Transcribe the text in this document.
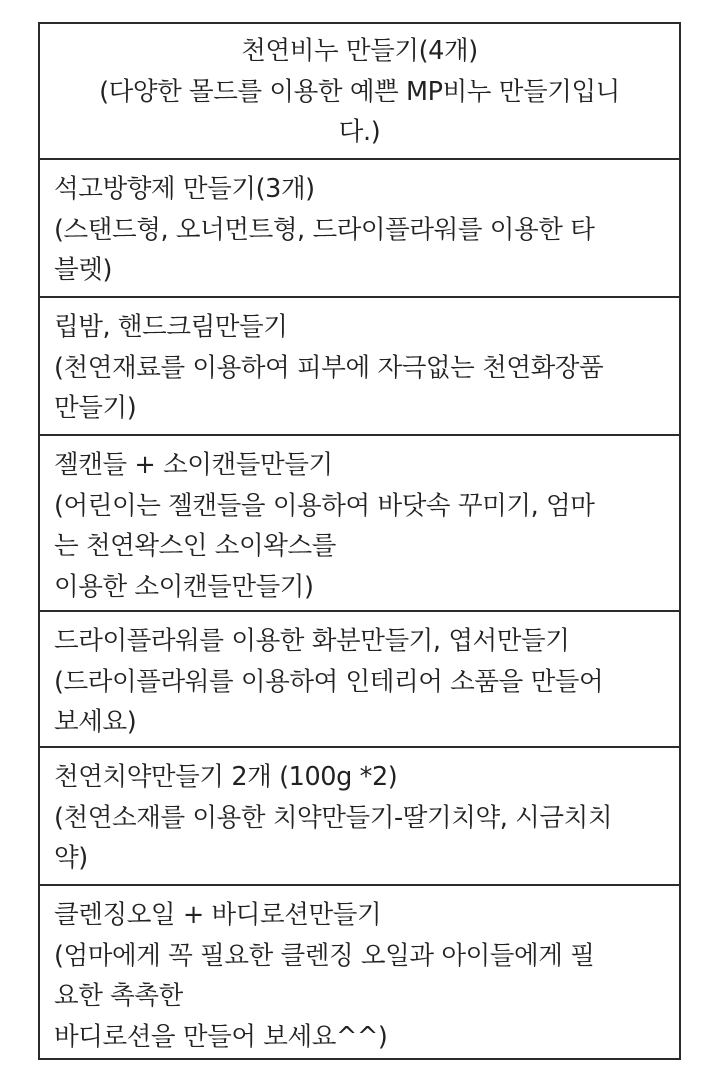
천연비누 만들기(4개)
(다양한 몰드를 이용한 예쁜 MP비누 만들기입니
다.)
석고방향제 만들기(3개)
(스탠드형, 오너먼트형, 드라이플라워를 이용한 타
블렛)
립밤, 핸드크림만들기
(천연재료를 이용하여 피부에 자극없는 천연화장품
만들기)
젤캔들 + 소이캔들만들기
(어린이는 젤캔들을 이용하여 바닷속 꾸미기, 엄마
는 천연왁스인 소이왁스를
이용한 소이캔들만들기)
드라이플라워를 이용한 화분만들기, 엽서만들기
(드라이플라워를 이용하여 인테리어 소품을 만들어
보세요)
천연치약만들기 2개 (100g *2)
(천연소재를 이용한 치약만들기-딸기치약, 시금치치
약)
클렌징오일 + 바디로션만들기
(엄마에게 꼭 필요한 클렌징 오일과 아이들에게 필
요한 촉촉한
바디로션을 만들어 보세요^^)
